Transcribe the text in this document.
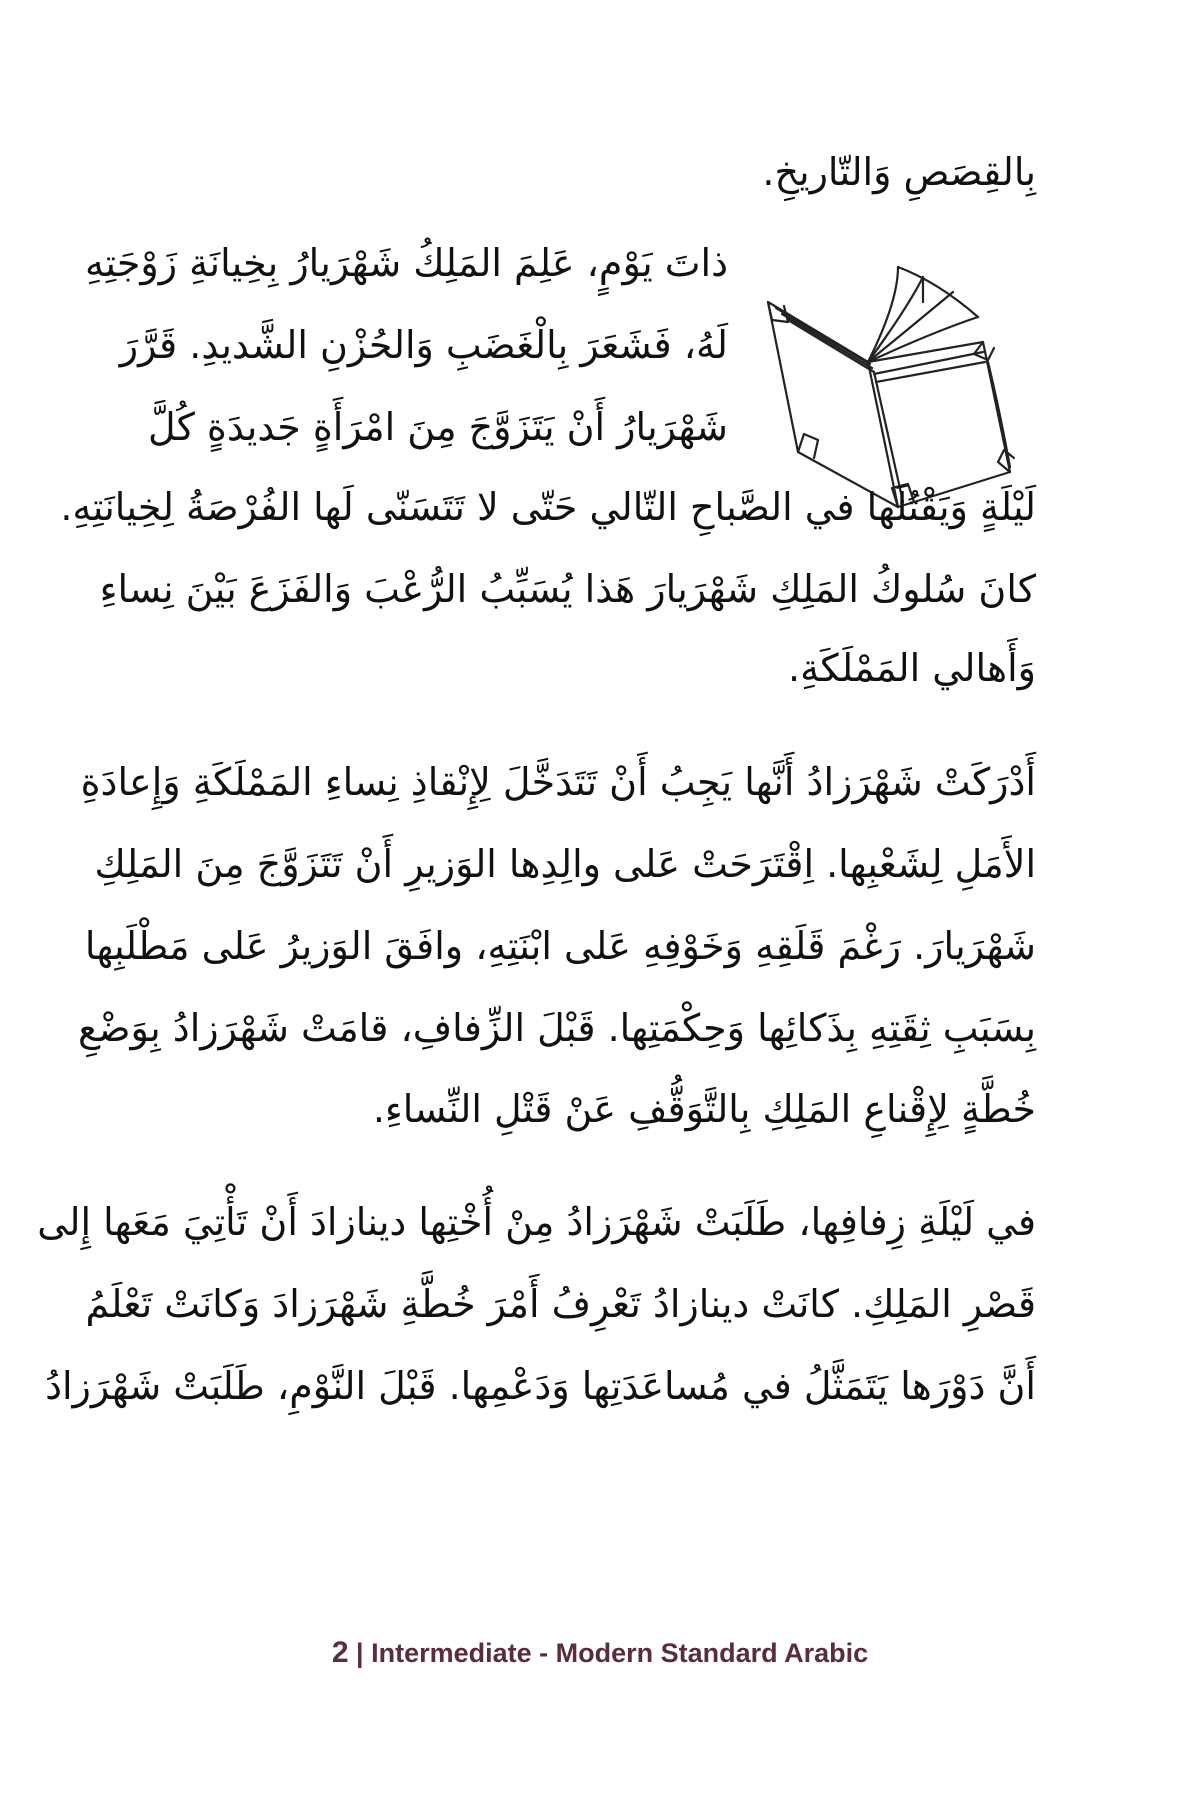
بِالقِصَصِ وَالتّاريخِ.

ذاتَ يَوْمٍ، عَلِمَ المَلِكُ شَهْرَيارُ بِخِيانَةِ زَوْجَتِهِ

لَهُ، فَشَعَرَ بِالْغَضَبِ وَالحُزْنِ الشَّديدِ. قَرَّرَ

شَهْرَيارُ أَنْ يَتَزَوَّجَ مِنَ امْرَأَةٍ جَديدَةٍ كُلَّ

لَيْلَةٍ وَيَقْتُلَها في الصَّباحِ التّالي حَتّى لا تَتَسَنّى لَها الفُرْصَةُ لِخِيانَتِهِ.

كانَ سُلوكُ المَلِكِ شَهْرَيارَ هَذا يُسَبِّبُ الرُّعْبَ وَالفَزَعَ بَيْنَ نِساءِ

وَأَهالي المَمْلَكَةِ.

أَدْرَكَتْ شَهْرَزادُ أَنَّها يَجِبُ أَنْ تَتَدَخَّلَ لِإِنْقاذِ نِساءِ المَمْلَكَةِ وَإِعادَةِ

الأَمَلِ لِشَعْبِها. اِقْتَرَحَتْ عَلى والِدِها الوَزيرِ أَنْ تَتَزَوَّجَ مِنَ المَلِكِ

شَهْرَيارَ. رَغْمَ قَلَقِهِ وَخَوْفِهِ عَلى ابْنَتِهِ، وافَقَ الوَزيرُ عَلى مَطْلَبِها

بِسَبَبِ ثِقَتِهِ بِذَكائِها وَحِكْمَتِها. قَبْلَ الزِّفافِ، قامَتْ شَهْرَزادُ بِوَضْعِ

خُطَّةٍ لِإِقْناعِ المَلِكِ بِالتَّوَقُّفِ عَنْ قَتْلِ النِّساءِ.

في لَيْلَةِ زِفافِها، طَلَبَتْ شَهْرَزادُ مِنْ أُخْتِها دينازادَ أَنْ تَأْتِيَ مَعَها إِلى

قَصْرِ المَلِكِ. كانَتْ دينازادُ تَعْرِفُ أَمْرَ خُطَّةِ شَهْرَزادَ وَكانَتْ تَعْلَمُ

أَنَّ دَوْرَها يَتَمَثَّلُ في مُساعَدَتِها وَدَعْمِها. قَبْلَ النَّوْمِ، طَلَبَتْ شَهْرَزادُ

2 | Intermediate - Modern Standard Arabic
